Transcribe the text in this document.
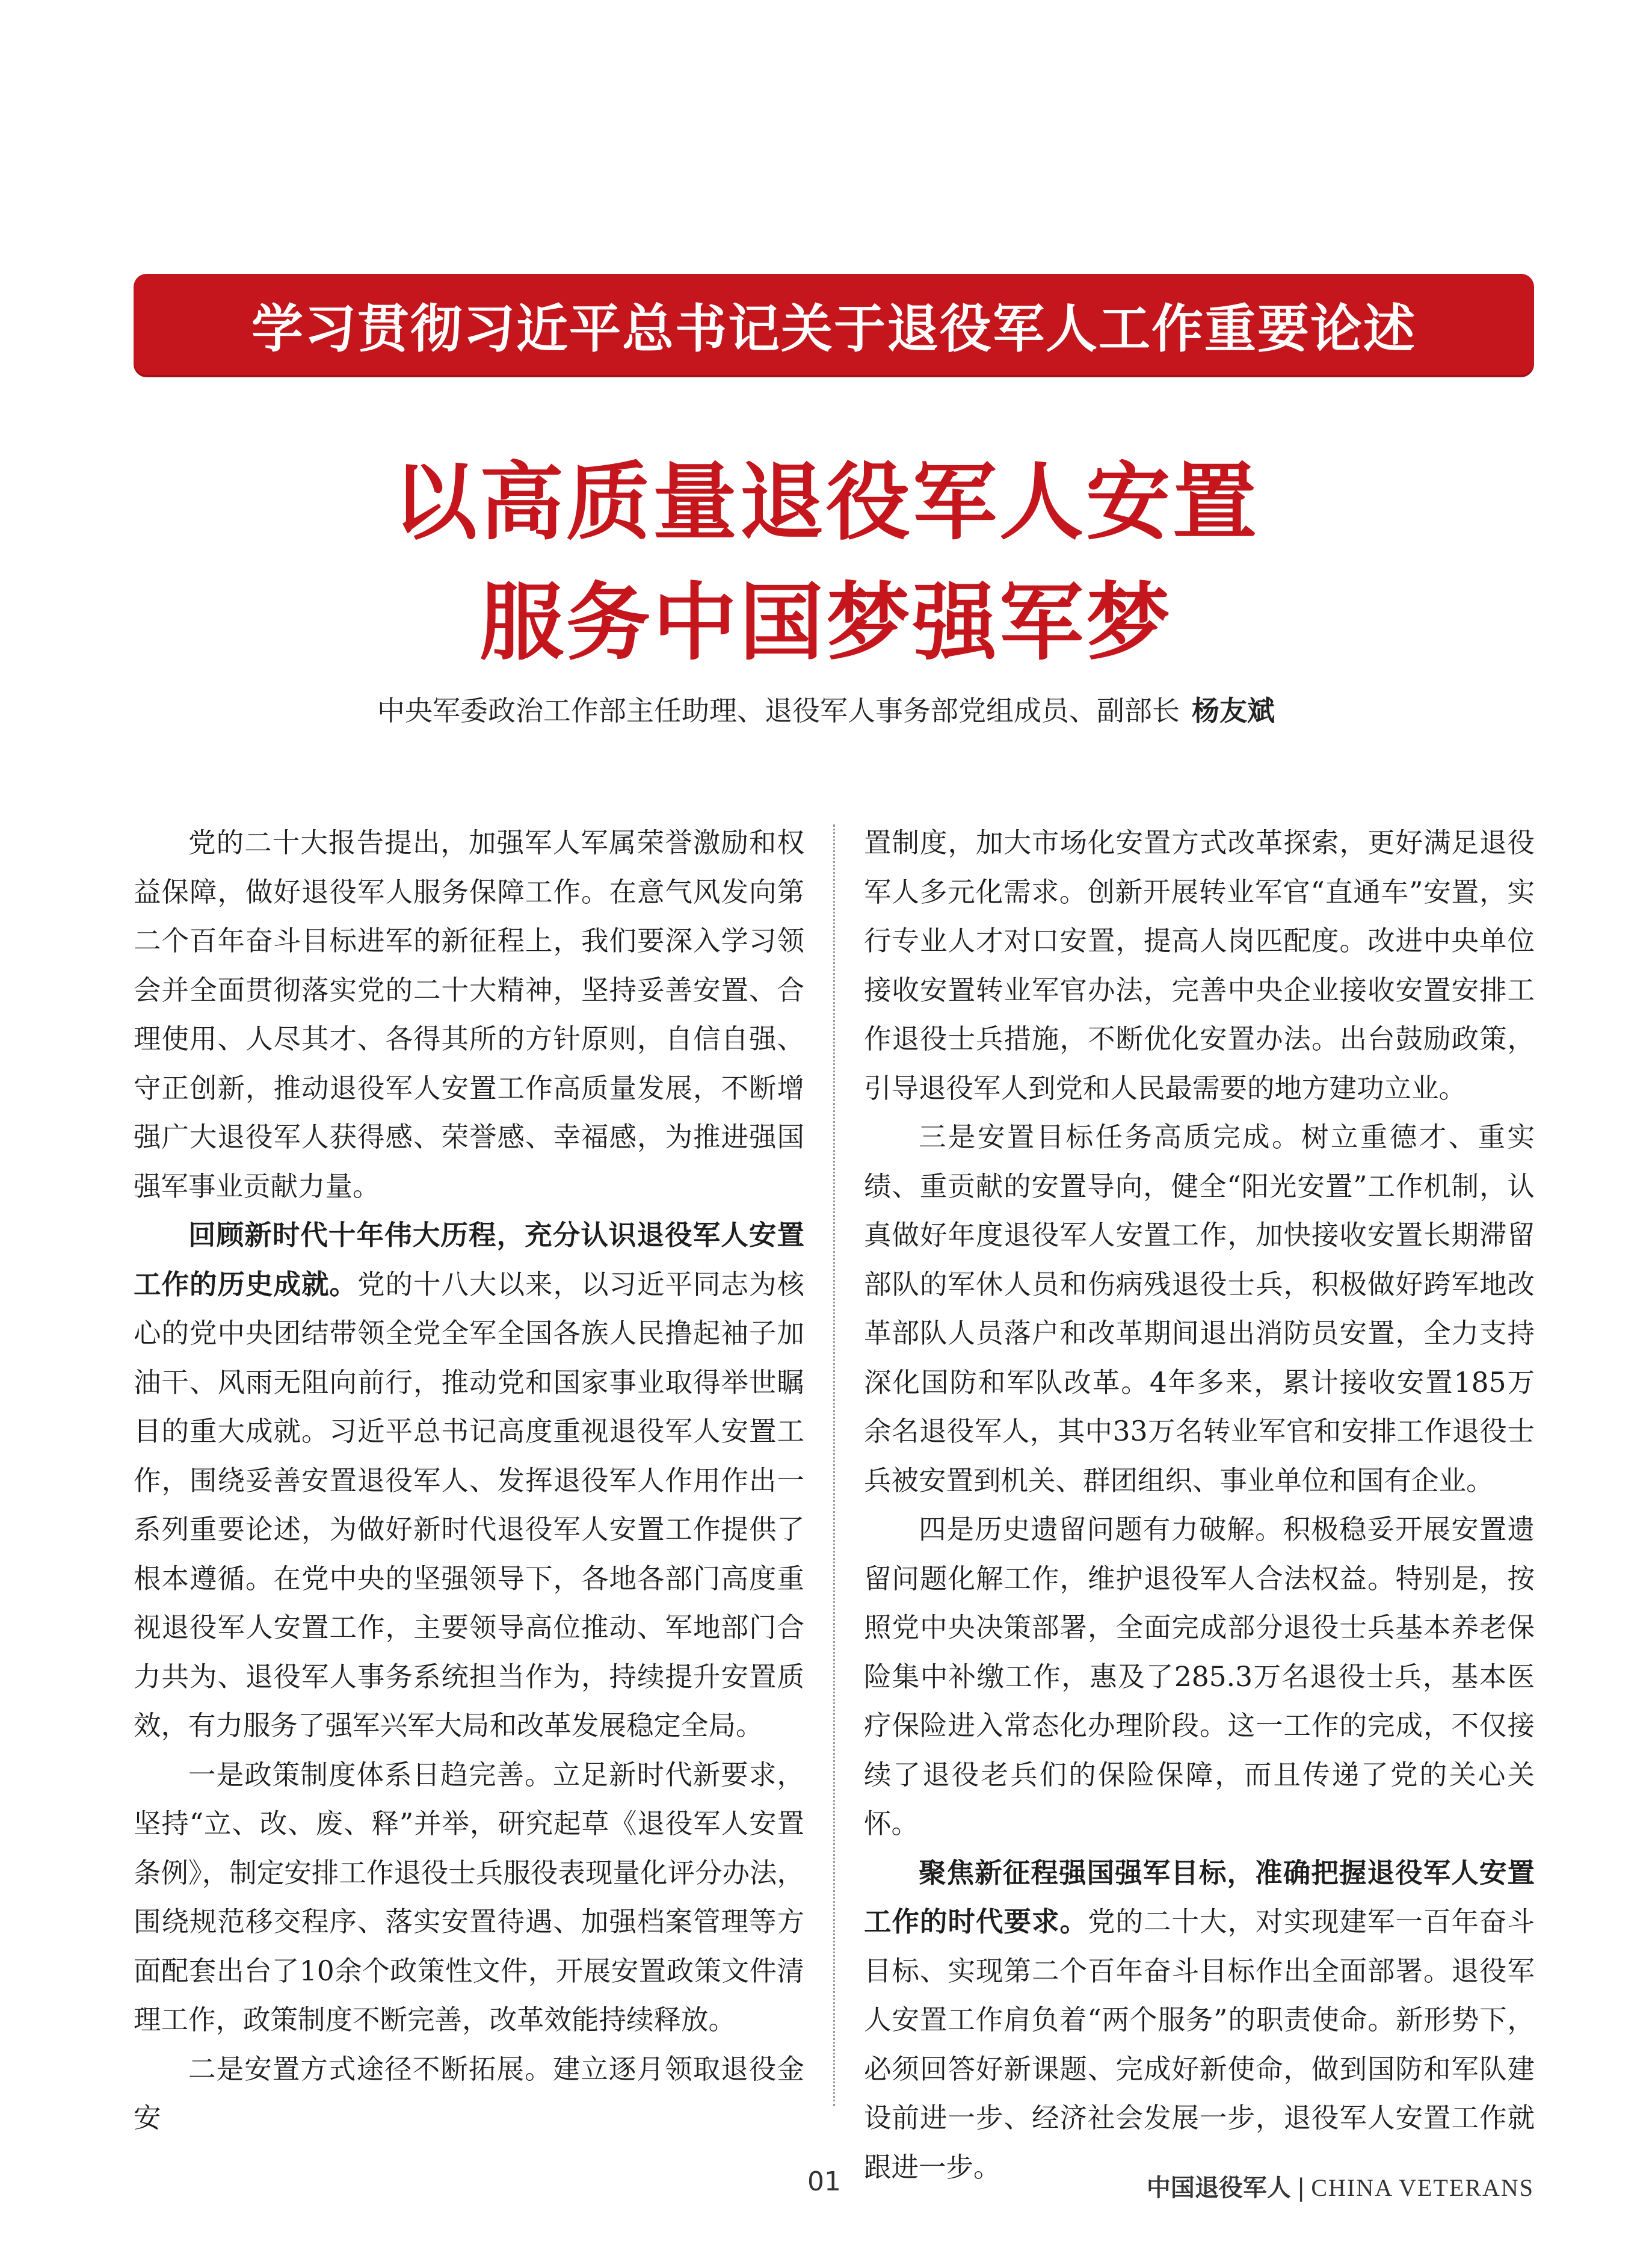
学习贯彻习近平总书记关于退役军人工作重要论述
以高质量退役军人安置
服务中国梦强军梦
中央军委政治工作部主任助理、退役军人事务部党组成员、副部长 杨友斌

党的二十大报告提出，加强军人军属荣誉激励和权益保障，做好退役军人服务保障工作。在意气风发向第二个百年奋斗目标进军的新征程上，我们要深入学习领会并全面贯彻落实党的二十大精神，坚持妥善安置、合理使用、人尽其才、各得其所的方针原则，自信自强、守正创新，推动退役军人安置工作高质量发展，不断增强广大退役军人获得感、荣誉感、幸福感，为推进强国强军事业贡献力量。

回顾新时代十年伟大历程，充分认识退役军人安置工作的历史成就。党的十八大以来，以习近平同志为核心的党中央团结带领全党全军全国各族人民撸起袖子加油干、风雨无阻向前行，推动党和国家事业取得举世瞩目的重大成就。习近平总书记高度重视退役军人安置工作，围绕妥善安置退役军人、发挥退役军人作用作出一系列重要论述，为做好新时代退役军人安置工作提供了根本遵循。在党中央的坚强领导下，各地各部门高度重视退役军人安置工作，主要领导高位推动、军地部门合力共为、退役军人事务系统担当作为，持续提升安置质效，有力服务了强军兴军大局和改革发展稳定全局。

一是政策制度体系日趋完善。立足新时代新要求，坚持“立、改、废、释”并举，研究起草《退役军人安置条例》，制定安排工作退役士兵服役表现量化评分办法，围绕规范移交程序、落实安置待遇、加强档案管理等方面配套出台了10余个政策性文件，开展安置政策文件清理工作，政策制度不断完善，改革效能持续释放。

二是安置方式途径不断拓展。建立逐月领取退役金安

置制度，加大市场化安置方式改革探索，更好满足退役军人多元化需求。创新开展转业军官“直通车”安置，实行专业人才对口安置，提高人岗匹配度。改进中央单位接收安置转业军官办法，完善中央企业接收安置安排工作退役士兵措施，不断优化安置办法。出台鼓励政策，引导退役军人到党和人民最需要的地方建功立业。

三是安置目标任务高质完成。树立重德才、重实绩、重贡献的安置导向，健全“阳光安置”工作机制，认真做好年度退役军人安置工作，加快接收安置长期滞留部队的军休人员和伤病残退役士兵，积极做好跨军地改革部队人员落户和改革期间退出消防员安置，全力支持深化国防和军队改革。4年多来，累计接收安置185万余名退役军人，其中33万名转业军官和安排工作退役士兵被安置到机关、群团组织、事业单位和国有企业。

四是历史遗留问题有力破解。积极稳妥开展安置遗留问题化解工作，维护退役军人合法权益。特别是，按照党中央决策部署，全面完成部分退役士兵基本养老保险集中补缴工作，惠及了285.3万名退役士兵，基本医疗保险进入常态化办理阶段。这一工作的完成，不仅接续了退役老兵们的保险保障，而且传递了党的关心关怀。

聚焦新征程强国强军目标，准确把握退役军人安置工作的时代要求。党的二十大，对实现建军一百年奋斗目标、实现第二个百年奋斗目标作出全面部署。退役军人安置工作肩负着“两个服务”的职责使命。新形势下，必须回答好新课题、完成好新使命，做到国防和军队建设前进一步、经济社会发展一步，退役军人安置工作就跟进一步。

01	中国退役军人 | CHINA VETERANS
